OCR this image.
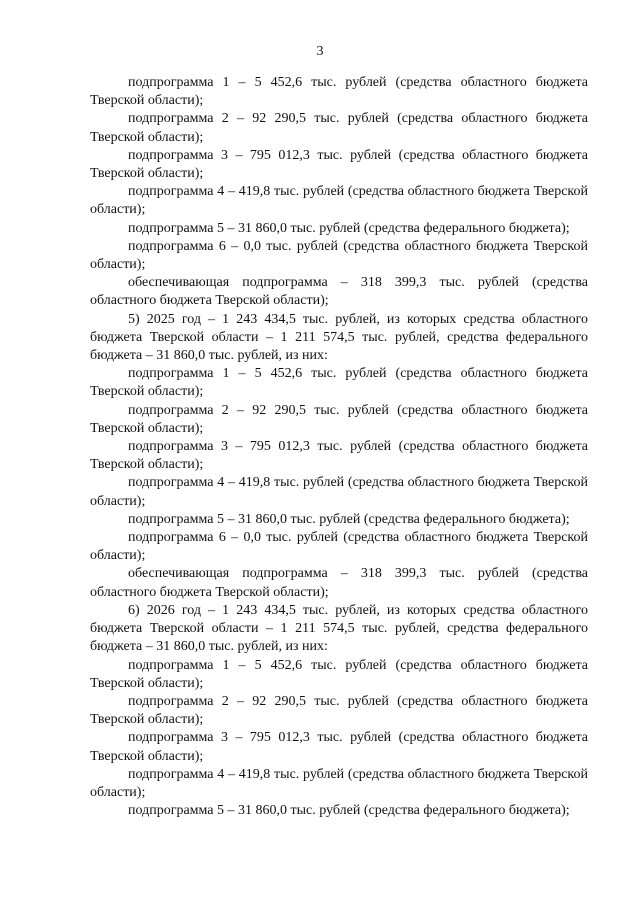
3

подпрограмма 1 – 5 452,6 тыс. рублей (средства областного бюджета Тверской области);

подпрограмма 2 – 92 290,5 тыс. рублей (средства областного бюджета Тверской области);

подпрограмма 3 – 795 012,3 тыс. рублей (средства областного бюджета Тверской области);

подпрограмма 4 – 419,8 тыс. рублей (средства областного бюджета Тверской области);

подпрограмма 5 – 31 860,0 тыс. рублей (средства федерального бюджета);

подпрограмма 6 – 0,0 тыс. рублей (средства областного бюджета Тверской области);

обеспечивающая подпрограмма – 318 399,3 тыс. рублей (средства областного бюджета Тверской области);

5) 2025 год – 1 243 434,5 тыс. рублей, из которых средства областного бюджета Тверской области – 1 211 574,5 тыс. рублей, средства федерального бюджета – 31 860,0 тыс. рублей, из них:

подпрограмма 1 – 5 452,6 тыс. рублей (средства областного бюджета Тверской области);

подпрограмма 2 – 92 290,5 тыс. рублей (средства областного бюджета Тверской области);

подпрограмма 3 – 795 012,3 тыс. рублей (средства областного бюджета Тверской области);

подпрограмма 4 – 419,8 тыс. рублей (средства областного бюджета Тверской области);

подпрограмма 5 – 31 860,0 тыс. рублей (средства федерального бюджета);

подпрограмма 6 – 0,0 тыс. рублей (средства областного бюджета Тверской области);

обеспечивающая подпрограмма – 318 399,3 тыс. рублей (средства областного бюджета Тверской области);

6) 2026 год – 1 243 434,5 тыс. рублей, из которых средства областного бюджета Тверской области – 1 211 574,5 тыс. рублей, средства федерального бюджета – 31 860,0 тыс. рублей, из них:

подпрограмма 1 – 5 452,6 тыс. рублей (средства областного бюджета Тверской области);

подпрограмма 2 – 92 290,5 тыс. рублей (средства областного бюджета Тверской области);

подпрограмма 3 – 795 012,3 тыс. рублей (средства областного бюджета Тверской области);

подпрограмма 4 – 419,8 тыс. рублей (средства областного бюджета Тверской области);

подпрограмма 5 – 31 860,0 тыс. рублей (средства федерального бюджета);
